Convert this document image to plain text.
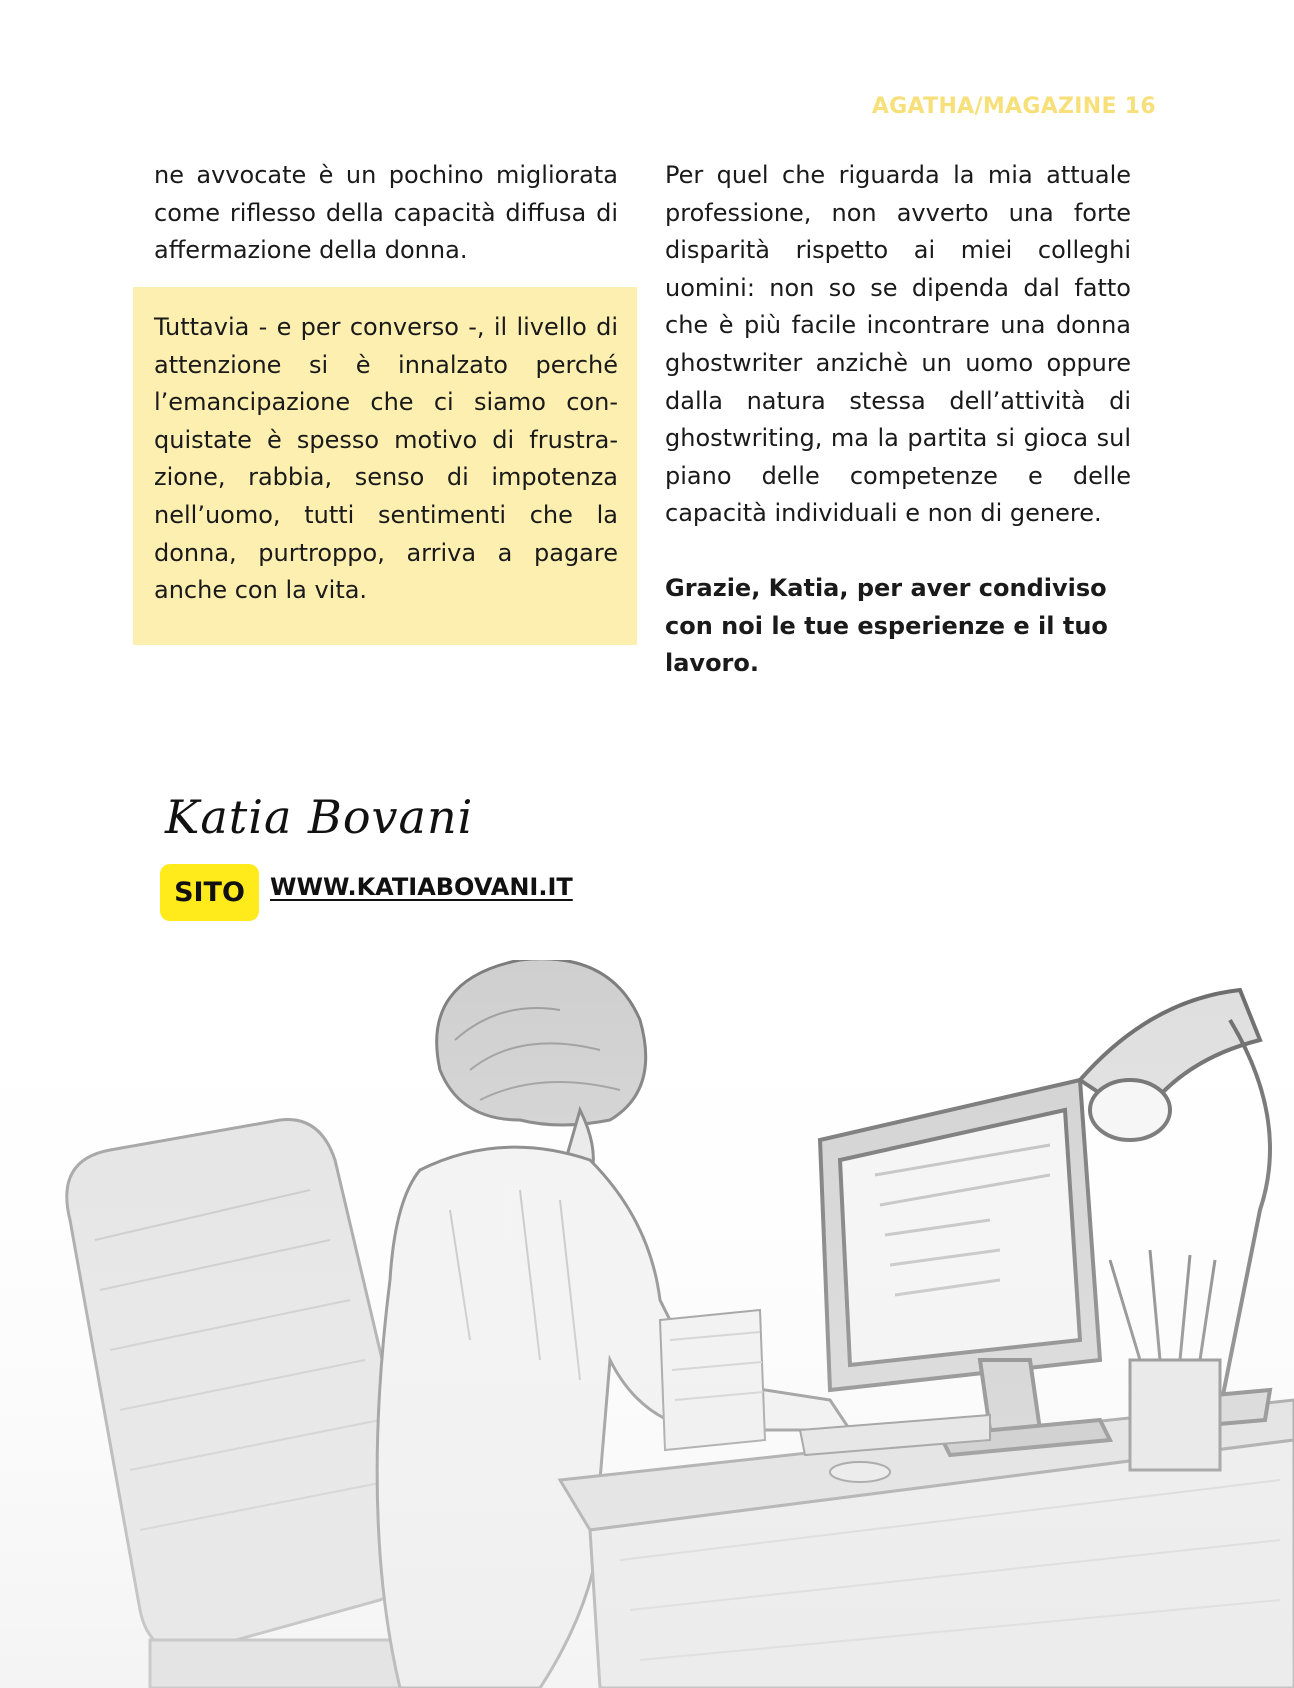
AGATHA/MAGAZINE 16

ne avvocate è un pochino migliorata come riflesso della capacità diffusa di affermazione della donna.

Tuttavia - e per converso -, il livello di attenzione si è innalzato perché l’emancipazione che ci siamo conquistate è spesso motivo di frustrazione, rabbia, senso di impotenza nell’uomo, tutti sentimenti che la donna, purtroppo, arriva a pagare anche con la vita.

Per quel che riguarda la mia attuale professione, non avverto una forte disparità rispetto ai miei colleghi uomini: non so se dipenda dal fatto che è più facile incontrare una donna ghostwriter anzichè un uomo oppure dalla natura stessa dell’attività di ghostwriting, ma la partita si gioca sul piano delle competenze e delle capacità individuali e non di genere.

Grazie, Katia, per aver condiviso con noi le tue esperienze e il tuo lavoro.

Katia Bovani
SITO	WWW.KATIABOVANI.IT
